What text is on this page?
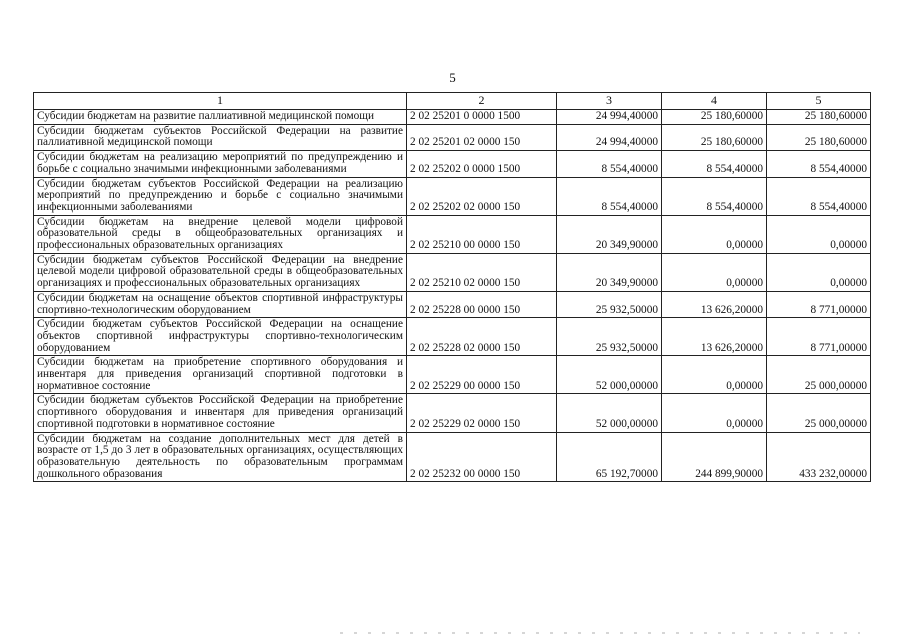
5
1	2	3	4	5
Субсидии бюджетам на развитие паллиативной медицинской помощи	2 02 25201 0 0000 1500	24 994,40000	25 180,60000	25 180,60000
Субсидии бюджетам субъектов Российской Федерации на развитие паллиативной медицинской помощи	2 02 25201 02 0000 150	24 994,40000	25 180,60000	25 180,60000
Субсидии бюджетам на реализацию мероприятий по предупреждению и борьбе с социально значимыми инфекционными заболеваниями	2 02 25202 0 0000 1500	8 554,40000	8 554,40000	8 554,40000
Субсидии бюджетам субъектов Российской Федерации на реализацию мероприятий по предупреждению и борьбе с социально значимыми инфекционными заболеваниями	2 02 25202 02 0000 150	8 554,40000	8 554,40000	8 554,40000
Субсидии бюджетам на внедрение целевой модели цифровой образовательной среды в общеобразовательных организациях и профессиональных образовательных организациях	2 02 25210 00 0000 150	20 349,90000	0,00000	0,00000
Субсидии бюджетам субъектов Российской Федерации на внедрение целевой модели цифровой образовательной среды в общеобразовательных организациях и профессиональных образовательных организациях	2 02 25210 02 0000 150	20 349,90000	0,00000	0,00000
Субсидии бюджетам на оснащение объектов спортивной инфраструктуры спортивно-технологическим оборудованием	2 02 25228 00 0000 150	25 932,50000	13 626,20000	8 771,00000
Субсидии бюджетам субъектов Российской Федерации на оснащение объектов спортивной инфраструктуры спортивно-технологическим оборудованием	2 02 25228 02 0000 150	25 932,50000	13 626,20000	8 771,00000
Субсидии бюджетам на приобретение спортивного оборудования и инвентаря для приведения организаций спортивной подготовки в нормативное состояние	2 02 25229 00 0000 150	52 000,00000	0,00000	25 000,00000
Субсидии бюджетам субъектов Российской Федерации на приобретение спортивного оборудования и инвентаря для приведения организаций спортивной подготовки в нормативное состояние	2 02 25229 02 0000 150	52 000,00000	0,00000	25 000,00000
Субсидии бюджетам на создание дополнительных мест для детей в возрасте от 1,5 до 3 лет в образовательных организациях, осуществляющих образовательную деятельность по образовательным программам дошкольного образования	2 02 25232 00 0000 150	65 192,70000	244 899,90000	433 232,00000
